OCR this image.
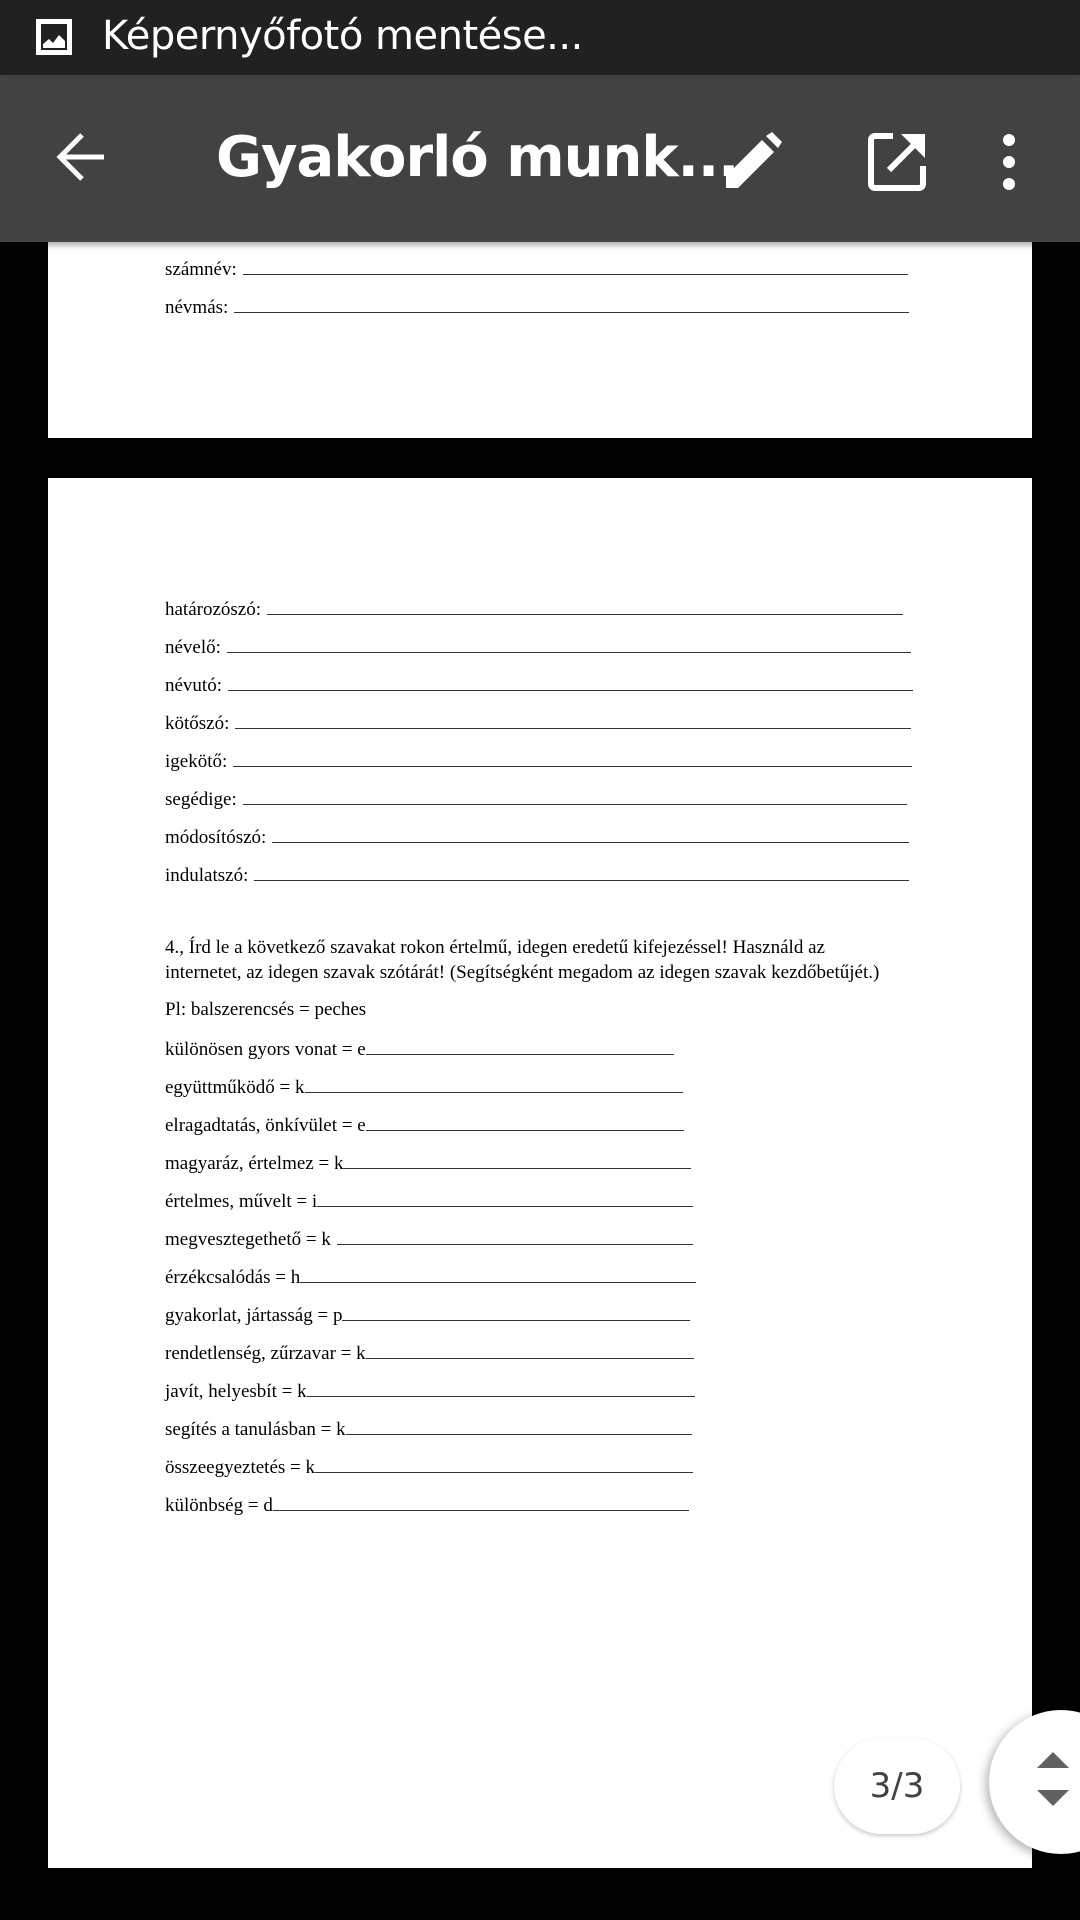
Képernyőfotó mentése...
Gyakorló munk...
számnév:
névmás:
határozószó:
névelő:
névutó:
kötőszó:
igekötő:
segédige:
módosítószó:
indulatszó:
4., Írd le a következő szavakat rokon értelmű, idegen eredetű kifejezéssel! Használd az
internetet, az idegen szavak szótárát! (Segítségként megadom az idegen szavak kezdőbetűjét.)
Pl: balszerencsés = peches
különösen gyors vonat = e
együttműködő = k
elragadtatás, önkívület = e
magyaráz, értelmez = k
értelmes, művelt = i
megvesztegethető = k
érzékcsalódás = h
gyakorlat, jártasság = p
rendetlenség, zűrzavar = k
javít, helyesbít = k
segítés a tanulásban = k
összeegyeztetés = k
különbség = d
3/3
